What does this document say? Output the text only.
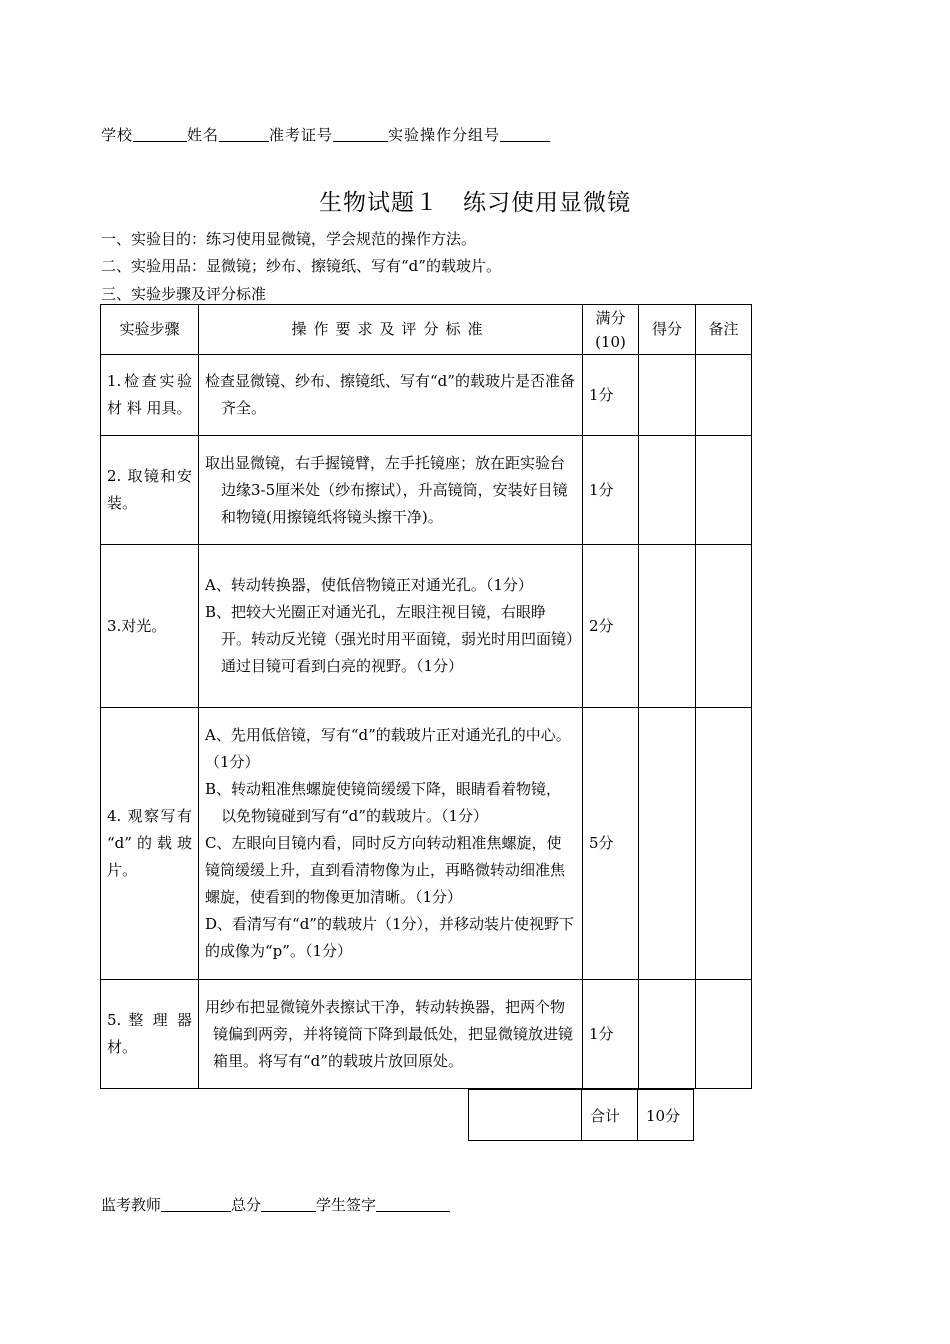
学校	姓名	准考证号	实验操作分组号
生物试题１　练习使用显微镜
一、实验目的：练习使用显微镜，学会规范的操作方法。
二、实验用品：显微镜；纱布、擦镜纸、写有“d”的载玻片。
三、实验步骤及评分标准
实验步骤	操作要求及评分标准	满分(10)	得分	备注
1.检查实验材 料 用具。	检查显微镜、纱布、擦镜纸、写有“d”的载玻片是否准备齐全。	1分		
2. 取镜和安装。	取出显微镜，右手握镜臂，左手托镜座；放在距实验台边缘3-5厘米处（纱布擦试），升高镜筒，安装好目镜和物镜(用擦镜纸将镜头擦干净)。	1分		
3.对光。	A、转动转换器，使低倍物镜正对通光孔。（1分）
B、把较大光圈正对通光孔，左眼注视目镜，右眼睁开。转动反光镜（强光时用平面镜，弱光时用凹面镜）通过目镜可看到白亮的视野。（1分）	2分		
4. 观察写有 “d”的载玻片。	A、先用低倍镜，写有“d”的载玻片正对通光孔的中心。（1分）
B、转动粗准焦螺旋使镜筒缓缓下降，眼睛看着物镜，以免物镜碰到写有“d”的载玻片。（1分）
C、左眼向目镜内看，同时反方向转动粗准焦螺旋，使镜筒缓缓上升，直到看清物像为止，再略微转动细准焦螺旋，使看到的物像更加清晰。（1分）
D、看清写有“d”的载玻片（1分），并移动装片使视野下的成像为“p”。（1分）	5分		
5. 整 理 器材。	用纱布把显微镜外表擦试干净，转动转换器，把两个物镜偏到两旁，并将镜筒下降到最低处，把显微镜放进镜箱里。将写有“d”的载玻片放回原处。	1分		
	合计	10分
监考教师	总分	学生签字
